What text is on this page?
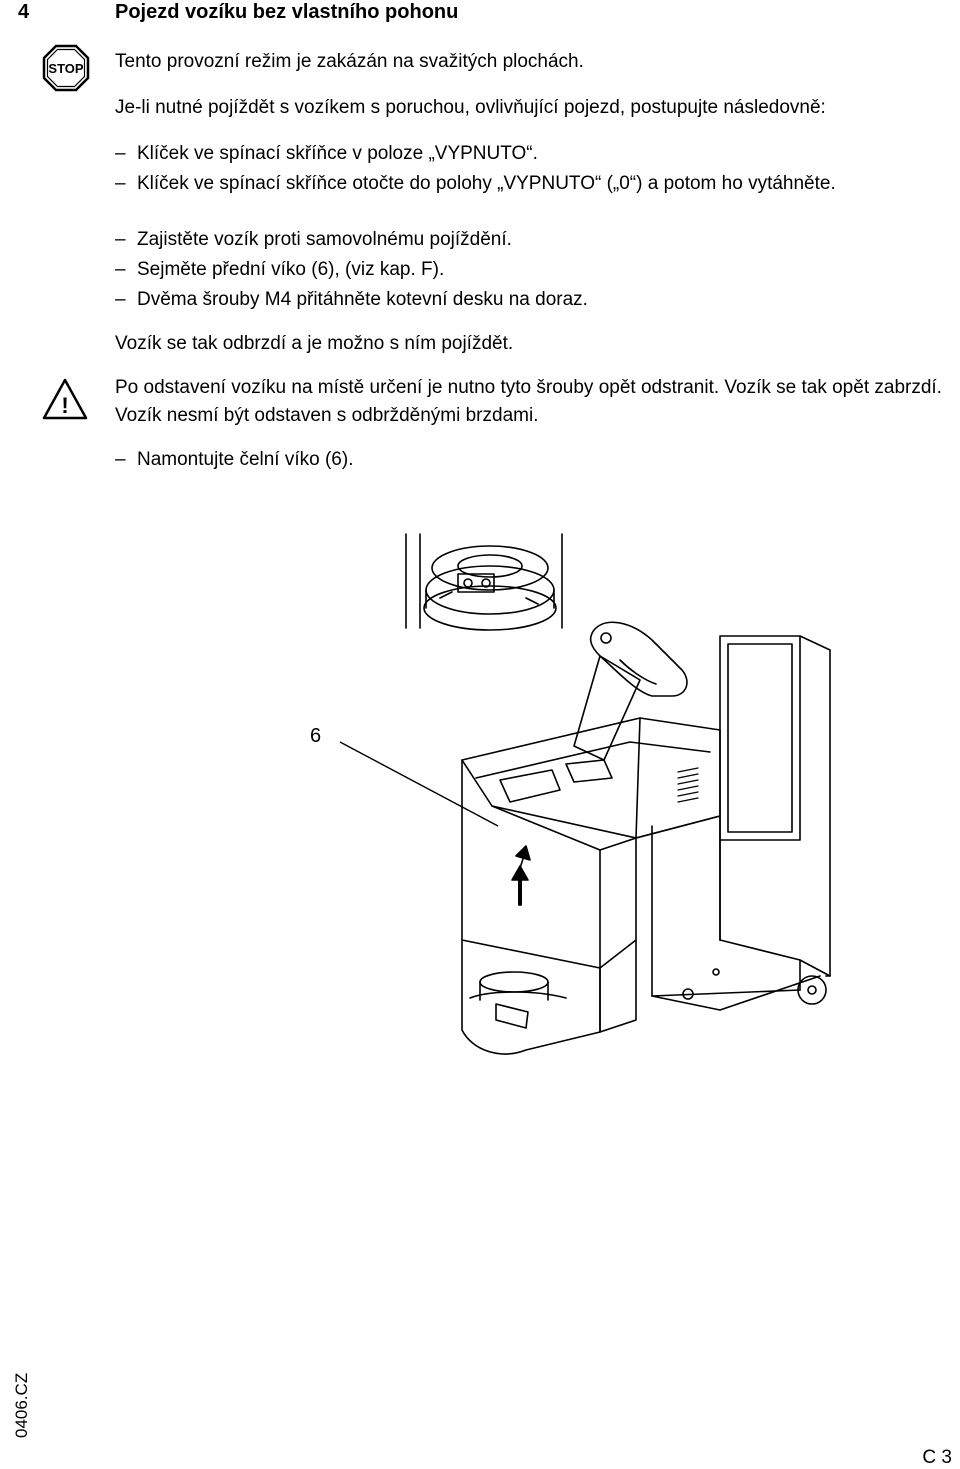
4	Pojezd vozíku bez vlastního pohonu
STOP Tento provozní režim je zakázán na svažitých plochách.
Je-li nutné pojíždět s vozíkem s poruchou, ovlivňující pojezd, postupujte následovně:
– Klíček ve spínací skříňce v poloze „VYPNUTO“.
– Klíček ve spínací skříňce otočte do polohy „VYPNUTO“ („0“) a potom ho vytáhněte.
– Zajistěte vozík proti samovolnému pojíždění.
– Sejměte přední víko (6), (viz kap. F).
– Dvěma šrouby M4 přitáhněte kotevní desku na doraz.
Vozík se tak odbrzdí a je možno s ním pojíždět.
!
Po odstavení vozíku na místě určení je nutno tyto šrouby opět odstranit. Vozík se tak opět zabrzdí. Vozík nesmí být odstaven s odbržděnými brzdami.
– Namontujte čelní víko (6).
6
0406.CZ
C 3
